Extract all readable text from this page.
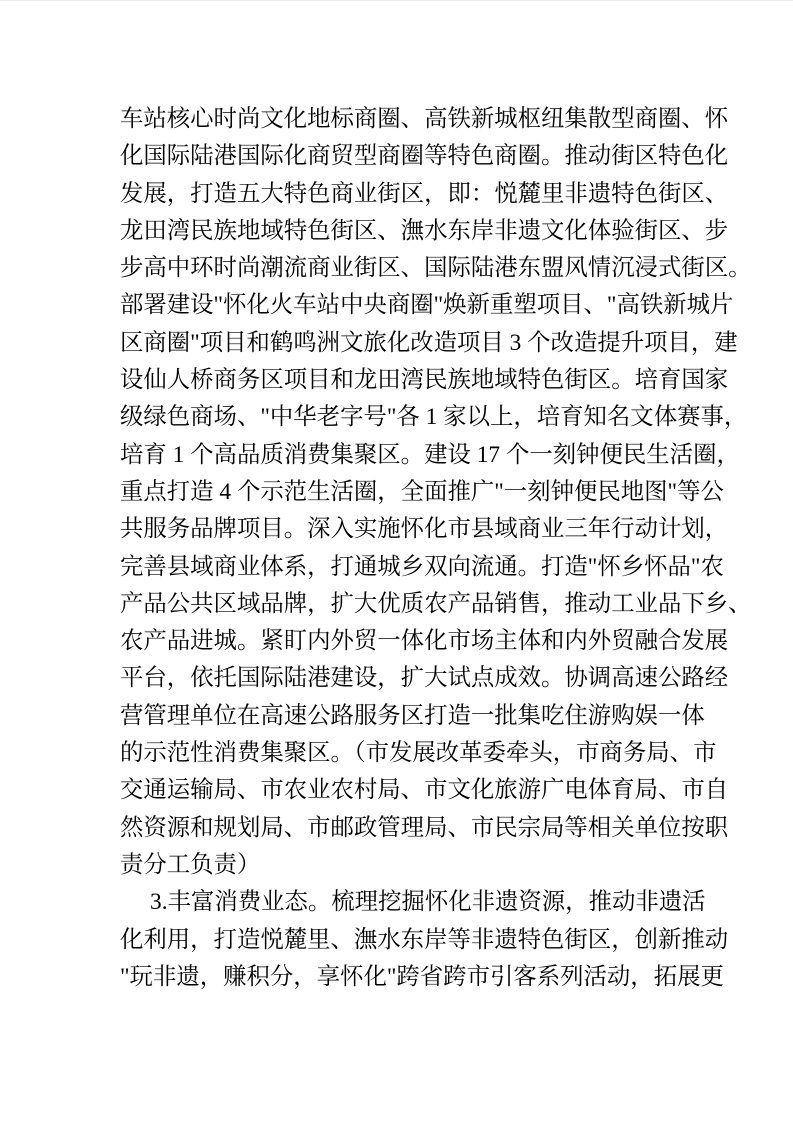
车站核心时尚文化地标商圈、高铁新城枢纽集散型商圈、怀
化国际陆港国际化商贸型商圈等特色商圈。推动街区特色化
发展，打造五大特色商业街区，即：悦麓里非遗特色街区、
龙田湾民族地域特色街区、潕水东岸非遗文化体验街区、步
步高中环时尚潮流商业街区、国际陆港东盟风情沉浸式街区。
部署建设"怀化火车站中央商圈"焕新重塑项目、"高铁新城片
区商圈"项目和鹤鸣洲文旅化改造项目 3 个改造提升项目，建
设仙人桥商务区项目和龙田湾民族地域特色街区。培育国家
级绿色商场、"中华老字号"各 1 家以上，培育知名文体赛事，
培育 1 个高品质消费集聚区。建设 17 个一刻钟便民生活圈，
重点打造 4 个示范生活圈，全面推广"一刻钟便民地图"等公
共服务品牌项目。深入实施怀化市县域商业三年行动计划，
完善县域商业体系，打通城乡双向流通。打造"怀乡怀品"农
产品公共区域品牌，扩大优质农产品销售，推动工业品下乡、
农产品进城。紧盯内外贸一体化市场主体和内外贸融合发展
平台，依托国际陆港建设，扩大试点成效。协调高速公路经
营管理单位在高速公路服务区打造一批集吃住游购娱一体
的示范性消费集聚区。（市发展改革委牵头，市商务局、市
交通运输局、市农业农村局、市文化旅游广电体育局、市自
然资源和规划局、市邮政管理局、市民宗局等相关单位按职
责分工负责）
3.丰富消费业态。梳理挖掘怀化非遗资源，推动非遗活
化利用，打造悦麓里、潕水东岸等非遗特色街区，创新推动
"玩非遗，赚积分，享怀化"跨省跨市引客系列活动，拓展更
